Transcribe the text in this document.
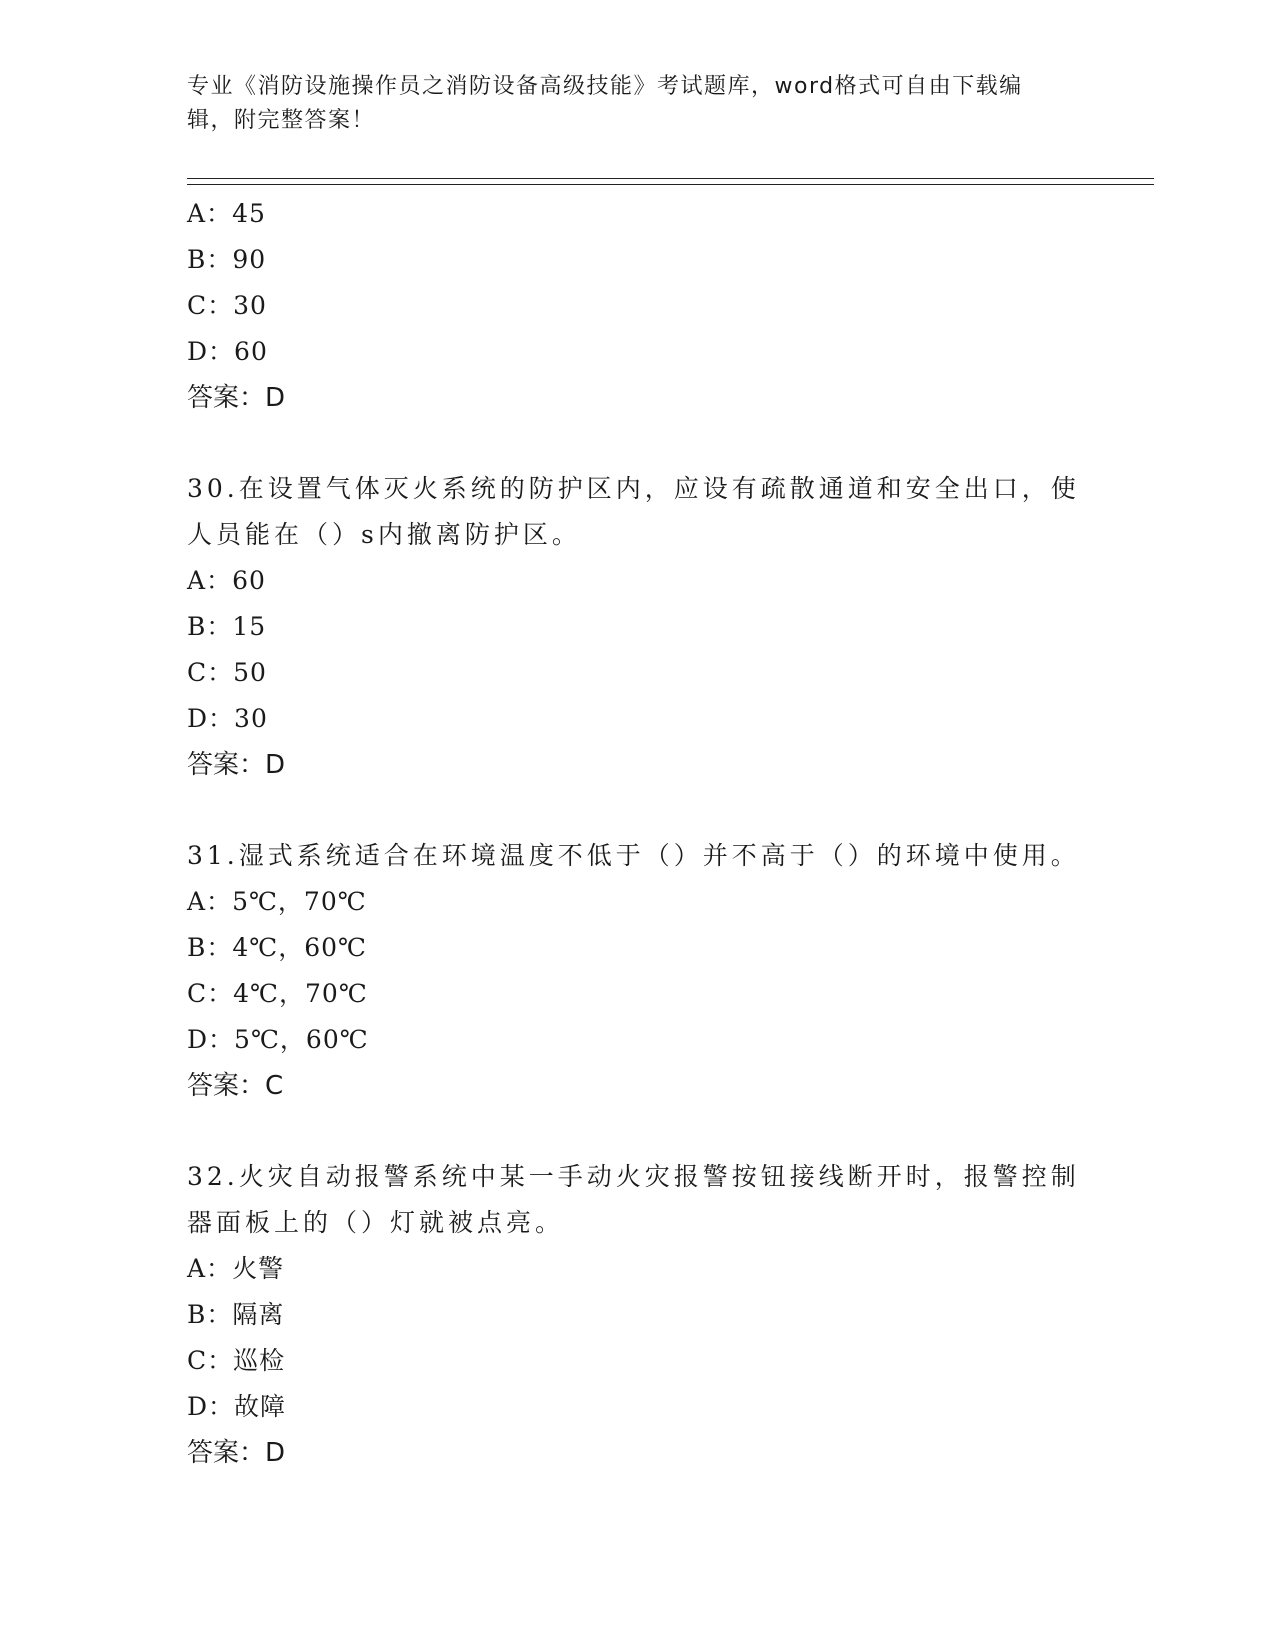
专业《消防设施操作员之消防设备高级技能》考试题库，word格式可自由下载编辑，附完整答案！

A：45
B：90
C：30
D：60
答案：D
30.在设置气体灭火系统的防护区内，应设有疏散通道和安全出口，使人员能在（）s内撤离防护区。
A：60
B：15
C：50
D：30
答案：D
31.湿式系统适合在环境温度不低于（）并不高于（）的环境中使用。
A：5℃，70℃
B：4℃，60℃
C：4℃，70℃
D：5℃，60℃
答案：C
32.火灾自动报警系统中某一手动火灾报警按钮接线断开时，报警控制器面板上的（）灯就被点亮。
A：火警
B：隔离
C：巡检
D：故障
答案：D
